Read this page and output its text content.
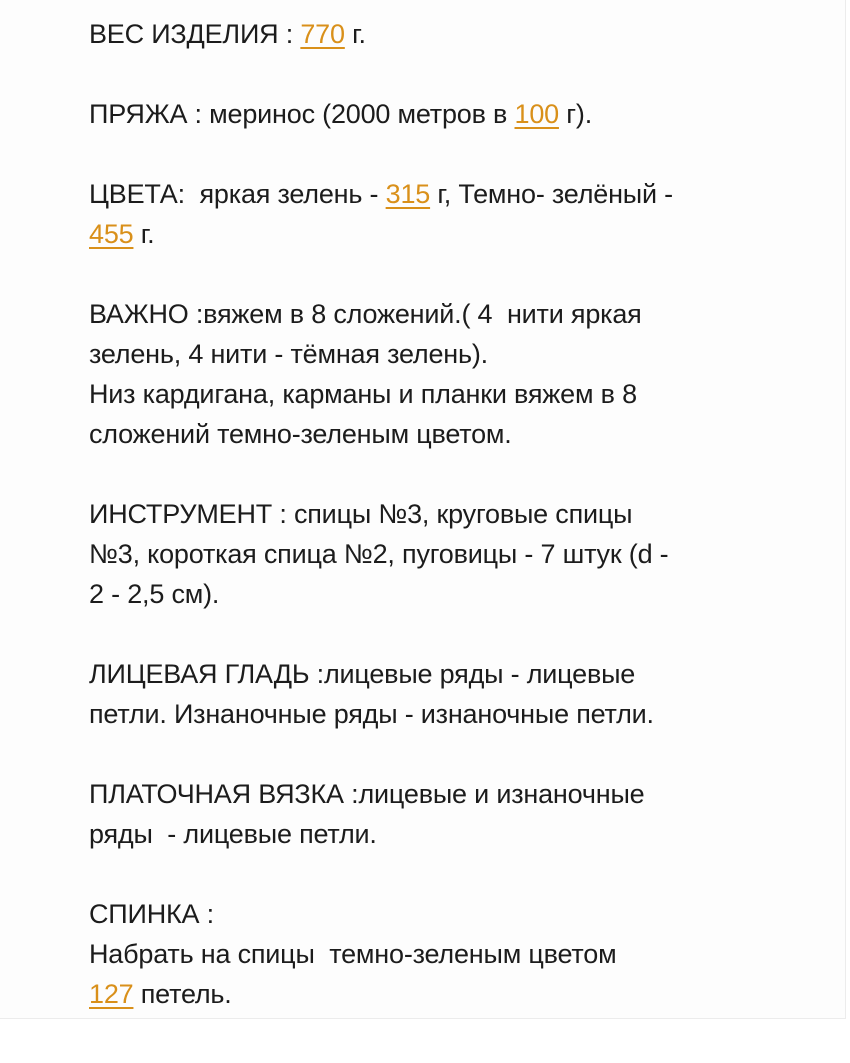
ВЕС ИЗДЕЛИЯ : 770 г.
ПРЯЖА : меринос (2000 метров в 100 г).
ЦВЕТА:  яркая зелень - 315 г, Темно- зелёный -
455 г.
ВАЖНО :вяжем в 8 сложений.( 4  нити яркая
зелень, 4 нити - тёмная зелень).
Низ кардигана, карманы и планки вяжем в 8
сложений темно-зеленым цветом.
ИНСТРУМЕНТ : спицы №3, круговые спицы
№3, короткая спица №2, пуговицы - 7 штук (d -
2 - 2,5 см).
ЛИЦЕВАЯ ГЛАДЬ :лицевые ряды - лицевые
петли. Изнаночные ряды - изнаночные петли.
ПЛАТОЧНАЯ ВЯЗКА :лицевые и изнаночные
ряды  - лицевые петли.
СПИНКА :
Набрать на спицы  темно-зеленым цветом
127 петель.
